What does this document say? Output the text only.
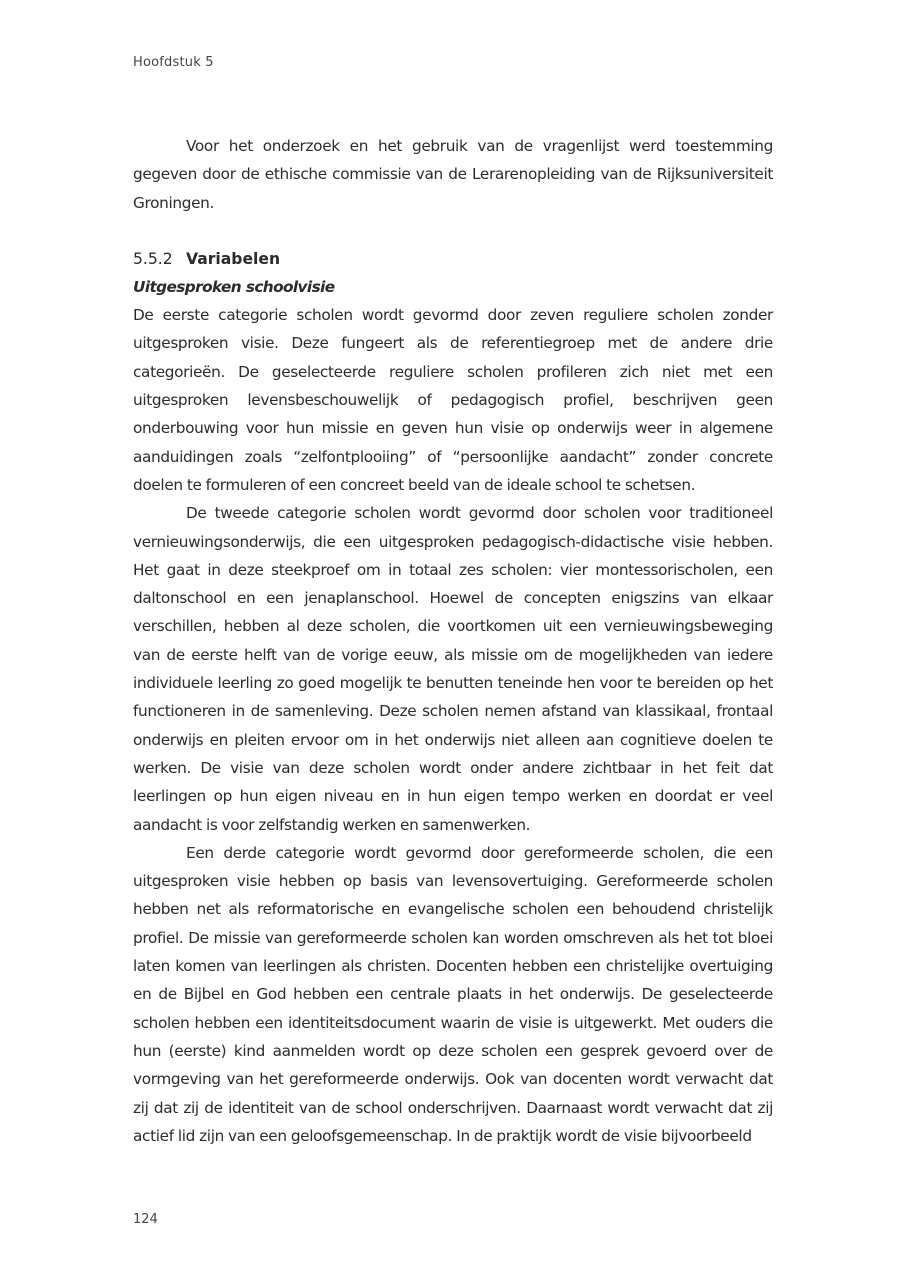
Hoofdstuk 5

Voor het onderzoek en het gebruik van de vragenlijst werd toestemming gegeven door de ethische commissie van de Lerarenopleiding van de Rijksuniversiteit Groningen.

5.5.2 Variabelen
Uitgesproken schoolvisie

De eerste categorie scholen wordt gevormd door zeven reguliere scholen zonder uitgesproken visie. Deze fungeert als de referentiegroep met de andere drie categorieën. De geselecteerde reguliere scholen profileren zich niet met een uitgesproken levensbeschouwelijk of pedagogisch profiel, beschrijven geen onderbouwing voor hun missie en geven hun visie op onderwijs weer in algemene aanduidingen zoals “zelfontplooiing” of “persoonlijke aandacht” zonder concrete doelen te formuleren of een concreet beeld van de ideale school te schetsen.

De tweede categorie scholen wordt gevormd door scholen voor traditioneel vernieuwingsonderwijs, die een uitgesproken pedagogisch-didactische visie hebben. Het gaat in deze steekproef om in totaal zes scholen: vier montessorischolen, een daltonschool en een jenaplanschool. Hoewel de concepten enigszins van elkaar verschillen, hebben al deze scholen, die voortkomen uit een vernieuwingsbeweging van de eerste helft van de vorige eeuw, als missie om de mogelijkheden van iedere individuele leerling zo goed mogelijk te benutten teneinde hen voor te bereiden op het functioneren in de samenleving. Deze scholen nemen afstand van klassikaal, frontaal onderwijs en pleiten ervoor om in het onderwijs niet alleen aan cognitieve doelen te werken. De visie van deze scholen wordt onder andere zichtbaar in het feit dat leerlingen op hun eigen niveau en in hun eigen tempo werken en doordat er veel aandacht is voor zelfstandig werken en samenwerken.

Een derde categorie wordt gevormd door gereformeerde scholen, die een uitgesproken visie hebben op basis van levensovertuiging. Gereformeerde scholen hebben net als reformatorische en evangelische scholen een behoudend christelijk profiel. De missie van gereformeerde scholen kan worden omschreven als het tot bloei laten komen van leerlingen als christen. Docenten hebben een christelijke overtuiging en de Bijbel en God hebben een centrale plaats in het onderwijs. De geselecteerde scholen hebben een identiteitsdocument waarin de visie is uitgewerkt. Met ouders die hun (eerste) kind aanmelden wordt op deze scholen een gesprek gevoerd over de vormgeving van het gereformeerde onderwijs. Ook van docenten wordt verwacht dat zij dat zij de identiteit van de school onderschrijven. Daarnaast wordt verwacht dat zij actief lid zijn van een geloofsgemeenschap. In de praktijk wordt de visie bijvoorbeeld

124
